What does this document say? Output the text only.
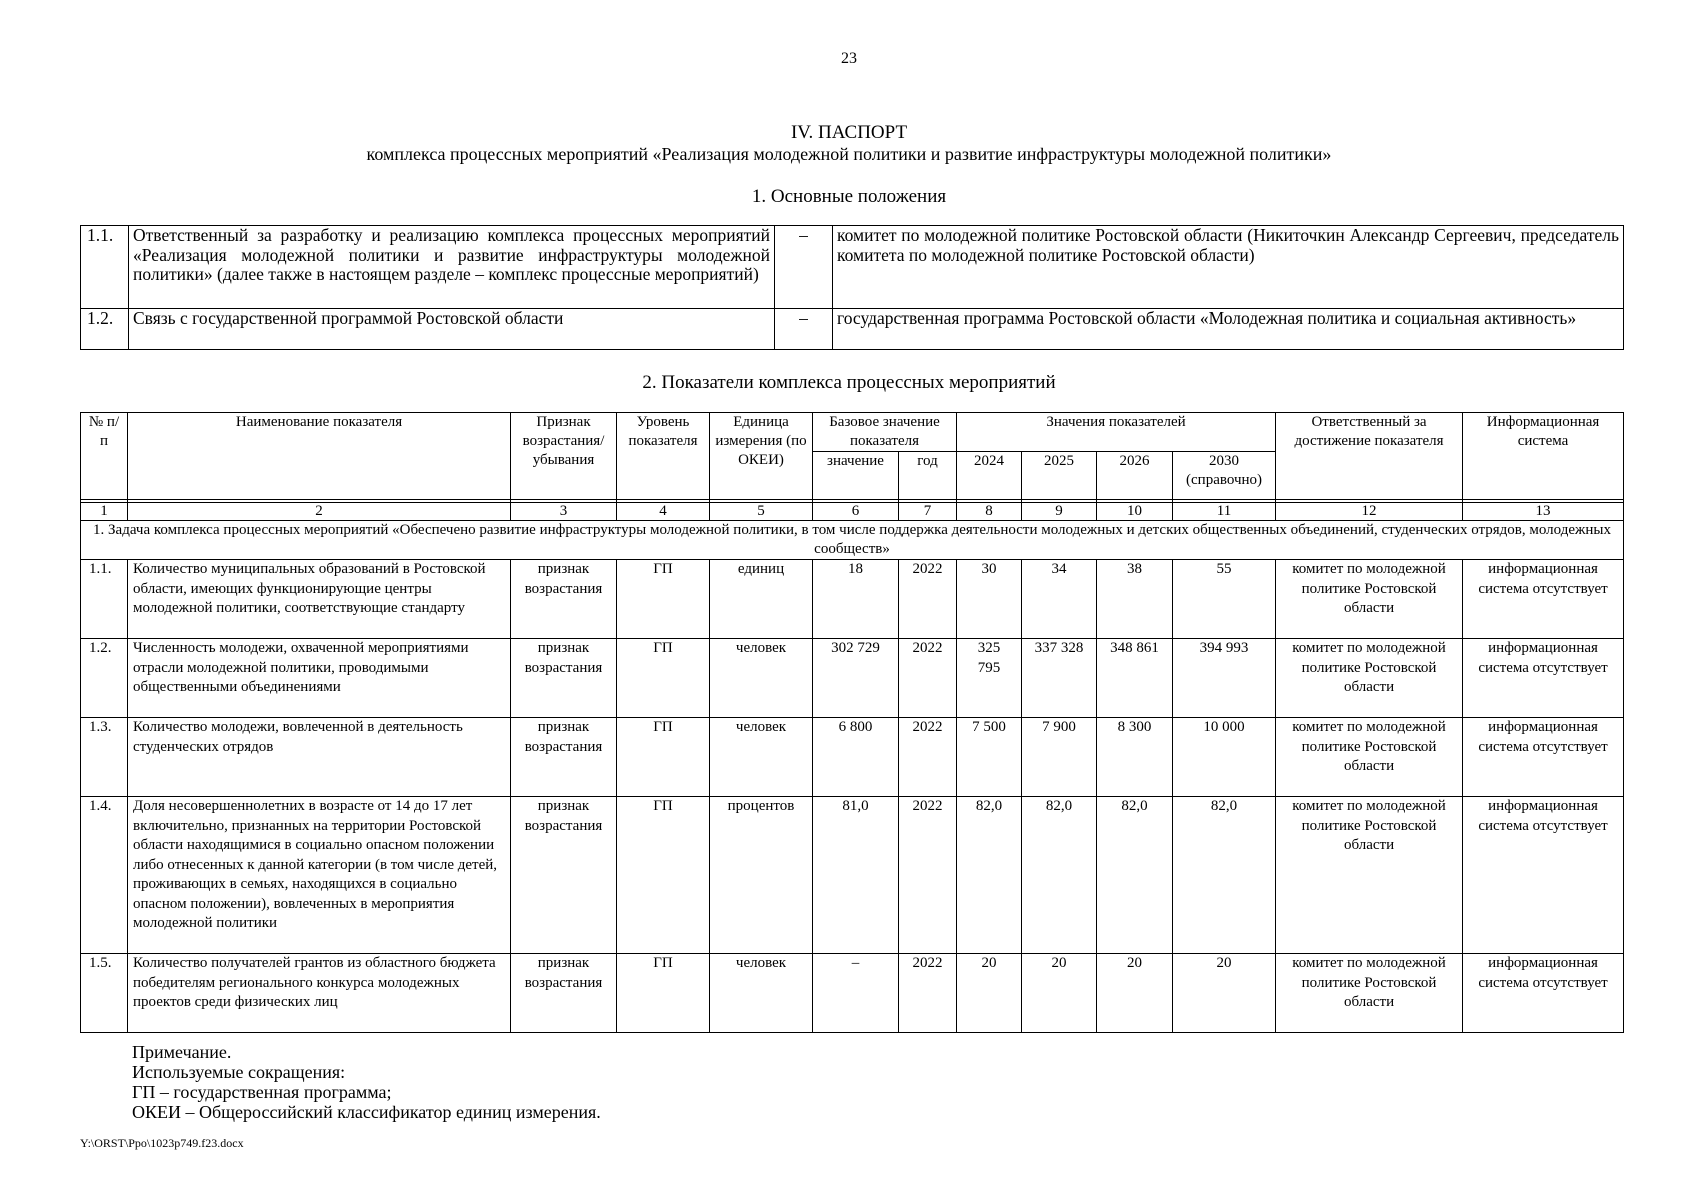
23
IV. ПАСПОРТ
комплекса процессных мероприятий «Реализация молодежной политики и развитие инфраструктуры молодежной политики»
1. Основные положения
1.1.	Ответственный за разработку и реализацию комплекса процессных мероприятий «Реализация молодежной политики и развитие инфраструктуры молодежной политики» (далее также в настоящем разделе – комплекс процессные мероприятий)	–	комитет по молодежной политике Ростовской области (Никиточкин Александр Сергеевич, председатель комитета по молодежной политике Ростовской области)
1.2.	Связь с государственной программой Ростовской области	–	государственная программа Ростовской области «Молодежная политика и социальная активность»
2. Показатели комплекса процессных мероприятий
№ п/п	Наименование показателя	Признак возрастания/ убывания	Уровень показателя	Единица измерения (по ОКЕИ)	Базовое значение показателя		Значения показателей				Ответственный за достижение показателя	Информационная система
					значение	год	2024	2025	2026	2030 (справочно)		

1	2	3	4	5	6	7	8	9	10	11	12	13
1. Задача комплекса процессных мероприятий «Обеспечено развитие инфраструктуры молодежной политики, в том числе поддержка деятельности молодежных и детских общественных объединений, студенческих отрядов, молодежных сообществ»												
1.1.	Количество муниципальных образований в Ростовской области, имеющих функционирующие центры молодежной политики, соответствующие стандарту	признак возрастания	ГП	единиц	18	2022	30	34	38	55	комитет по молодежной политике Ростовской области	информационная система отсутствует
1.2.	Численность молодежи, охваченной мероприятиями отрасли молодежной политики, проводимыми общественными объединениями	признак возрастания	ГП	человек	302 729	2022	325 795	337 328	348 861	394 993	комитет по молодежной политике Ростовской области	информационная система отсутствует
1.3.	Количество молодежи, вовлеченной в деятельность студенческих отрядов	признак возрастания	ГП	человек	6 800	2022	7 500	7 900	8 300	10 000	комитет по молодежной политике Ростовской области	информационная система отсутствует
1.4.	Доля несовершеннолетних в возрасте от 14 до 17 лет включительно, признанных на территории Ростовской области находящимися в социально опасном положении либо отнесенных к данной категории (в том числе детей, проживающих в семьях, находящихся в социально опасном положении), вовлеченных в мероприятия молодежной политики	признак возрастания	ГП	процентов	81,0	2022	82,0	82,0	82,0	82,0	комитет по молодежной политике Ростовской области	информационная система отсутствует
1.5.	Количество получателей грантов из областного бюджета победителям регионального конкурса молодежных проектов среди физических лиц	признак возрастания	ГП	человек	–	2022	20	20	20	20	комитет по молодежной политике Ростовской области	информационная система отсутствует
Примечание.
Используемые сокращения:
ГП – государственная программа;
ОКЕИ – Общероссийский классификатор единиц измерения.
Y:\ORST\Ppo\1023p749.f23.docx
